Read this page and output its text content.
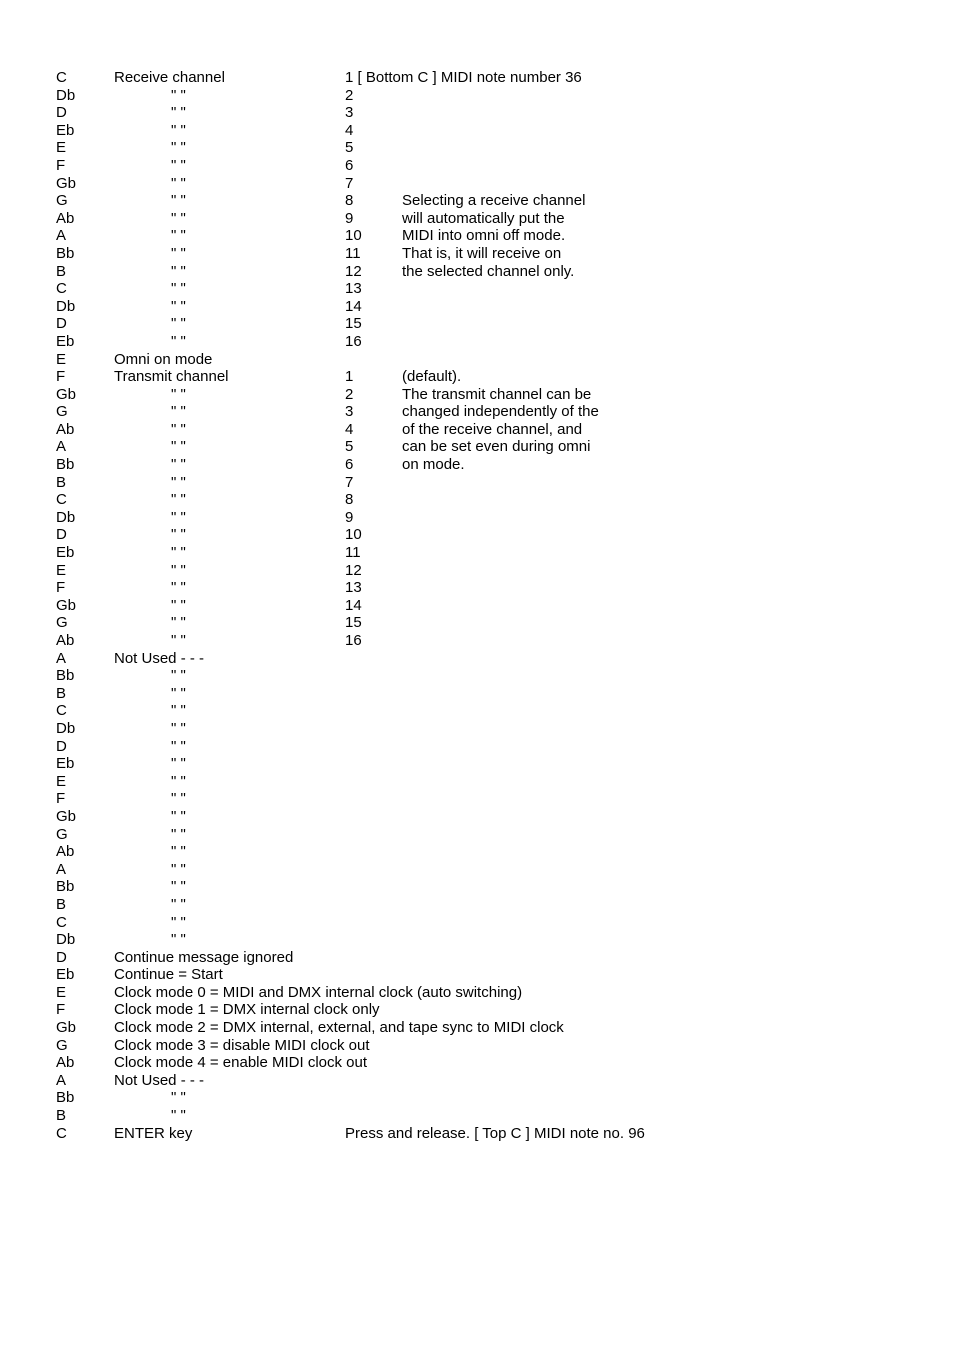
C	Receive channel	1 [ Bottom C ] MIDI note number 36
Db	" "	2
D	" "	3
Eb	" "	4
E	" "	5
F	" "	6
Gb	" "	7
G	" "	8	Selecting a receive channel
Ab	" "	9	will automatically put the
A	" "	10	MIDI into omni off mode.
Bb	" "	11	That is, it will receive on
B	" "	12	the selected channel only.
C	" "	13
Db	" "	14
D	" "	15
Eb	" "	16
E	Omni on mode
F	Transmit channel	1	(default).
Gb	" "	2	The transmit channel can be
G	" "	3	changed independently of the
Ab	" "	4	of the receive channel, and
A	" "	5	can be set even during omni
Bb	" "	6	on mode.
B	" "	7
C	" "	8
Db	" "	9
D	" "	10
Eb	" "	11
E	" "	12
F	" "	13
Gb	" "	14
G	" "	15
Ab	" "	16
A	Not Used - - -
Bb	" "
B	" "
C	" "
Db	" "
D	" "
Eb	" "
E	" "
F	" "
Gb	" "
G	" "
Ab	" "
A	" "
Bb	" "
B	" "
C	" "
Db	" "
D	Continue message ignored
Eb	Continue = Start
E	Clock mode 0 = MIDI and DMX internal clock (auto switching)
F	Clock mode 1 = DMX internal clock only
Gb	Clock mode 2 = DMX internal, external, and tape sync to MIDI clock
G	Clock mode 3 = disable MIDI clock out
Ab	Clock mode 4 = enable MIDI clock out
A	Not Used - - -
Bb	" "
B	" "
C	ENTER key	Press and release. [ Top C ] MIDI note no. 96
